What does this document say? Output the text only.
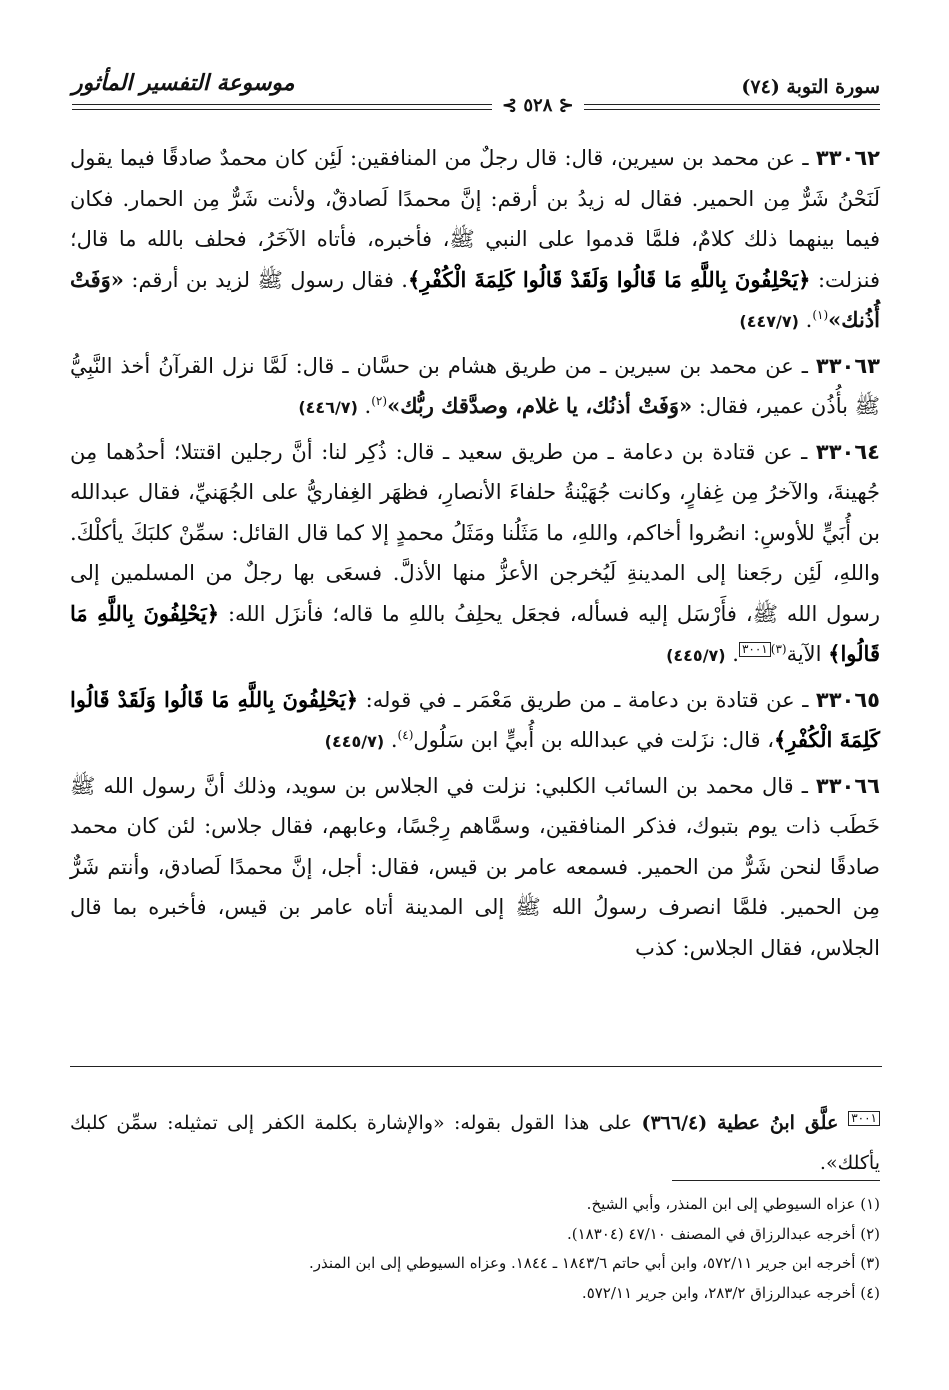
سورة التوبة (٧٤)
موسوعة التفسير المأثور
⊰ ٥٢٨ ⊱

٣٣٠٦٢ ـ عن محمد بن سيرين، قال: قال رجلٌ من المنافقين: لَئِن كان محمدٌ صادقًا فيما يقول لَنَحْنُ شَرٌّ مِن الحمير. فقال له زيدُ بن أرقم: إنَّ محمدًا لَصادقٌ، ولأنت شَرٌّ مِن الحمار. فكان فيما بينهما ذلك كلامٌ، فلمَّا قدموا على النبي ﷺ، فأخبره، فأتاه الآخَرُ، فحلف بالله ما قال؛ فنزلت: ﴿يَحْلِفُونَ بِاللَّهِ مَا قَالُوا وَلَقَدْ قَالُوا كَلِمَةَ الْكُفْرِ﴾. فقال رسول ﷺ لزيد بن أرقم: «وَفَتْ أُذُنك»$^{(١)}$. (٤٤٧/٧)

٣٣٠٦٣ ـ عن محمد بن سيرين ـ من طريق هشام بن حسَّان ـ قال: لَمَّا نزل القرآنُ أخذ النَّبِيُّ ﷺ بأُذُن عمير، فقال: «وَفَتْ أذنُك، يا غلام، وصدَّقك ربُّك»$^{(٢)}$. (٤٤٦/٧)

٣٣٠٦٤ ـ عن قتادة بن دعامة ـ من طريق سعيد ـ قال: ذُكِر لنا: أنَّ رجلين اقتتلا؛ أحدُهما مِن جُهينةَ، والآخرُ مِن غِفارٍ، وكانت جُهَيْنةُ حلفاءَ الأنصارِ، فظهَر الغِفاريُّ على الجُهَنيِّ، فقال عبدالله بن أُبَيٍّ للأوسِ: انصُروا أخاكم، واللهِ، ما مَثَلُنا ومَثَلُ محمدٍ إلا كما قال القائل: سمِّنْ كلبَكَ يأكلْكَ. واللهِ، لَئِن رجَعنا إلى المدينةِ لَيُخرجن الأعزُّ منها الأذلَّ. فسعَى بها رجلٌ من المسلمين إلى رسول الله ﷺ، فأَرْسَل إليه فسأله، فجعَل يحلِفُ باللهِ ما قاله؛ فأنزَل الله: ﴿يَحْلِفُونَ بِاللَّهِ مَا قَالُوا﴾ الآية$^{(٣)}$٣٠٠١. (٤٤٥/٧)

٣٣٠٦٥ ـ عن قتادة بن دعامة ـ من طريق مَعْمَر ـ في قوله: ﴿يَحْلِفُونَ بِاللَّهِ مَا قَالُوا وَلَقَدْ قَالُوا كَلِمَةَ الْكُفْرِ﴾، قال: نزَلت في عبدالله بن أُبيٍّ ابن سَلُول$^{(٤)}$. (٤٤٥/٧)

٣٣٠٦٦ ـ قال محمد بن السائب الكلبي: نزلت في الجلاس بن سويد، وذلك أنَّ رسول الله ﷺ خَطَب ذات يوم بتبوك، فذكر المنافقين، وسمَّاهم رِجْسًا، وعابهم، فقال جلاس: لئن كان محمد صادقًا لنحن شَرٌّ من الحمير. فسمعه عامر بن قيس، فقال: أجل، إنَّ محمدًا لَصادق، وأنتم شَرٌّ مِن الحمير. فلمَّا انصرف رسولُ الله ﷺ إلى المدينة أتاه عامر بن قيس، فأخبره بما قال الجلاس، فقال الجلاس: كذب

٣٠٠١ علَّق ابنُ عطية (٣٦٦/٤) على هذا القول بقوله: «والإشارة بكلمة الكفر إلى تمثيله: سمِّن كلبك يأكلك».
(١) عزاه السيوطي إلى ابن المنذر، وأبي الشيخ.
(٢) أخرجه عبدالرزاق في المصنف ٤٧/١٠ (١٨٣٠٤).
(٣) أخرجه ابن جرير ٥٧٢/١١، وابن أبي حاتم ١٨٤٣/٦ ـ ١٨٤٤. وعزاه السيوطي إلى ابن المنذر.
(٤) أخرجه عبدالرزاق ٢٨٣/٢، وابن جرير ٥٧٢/١١.
